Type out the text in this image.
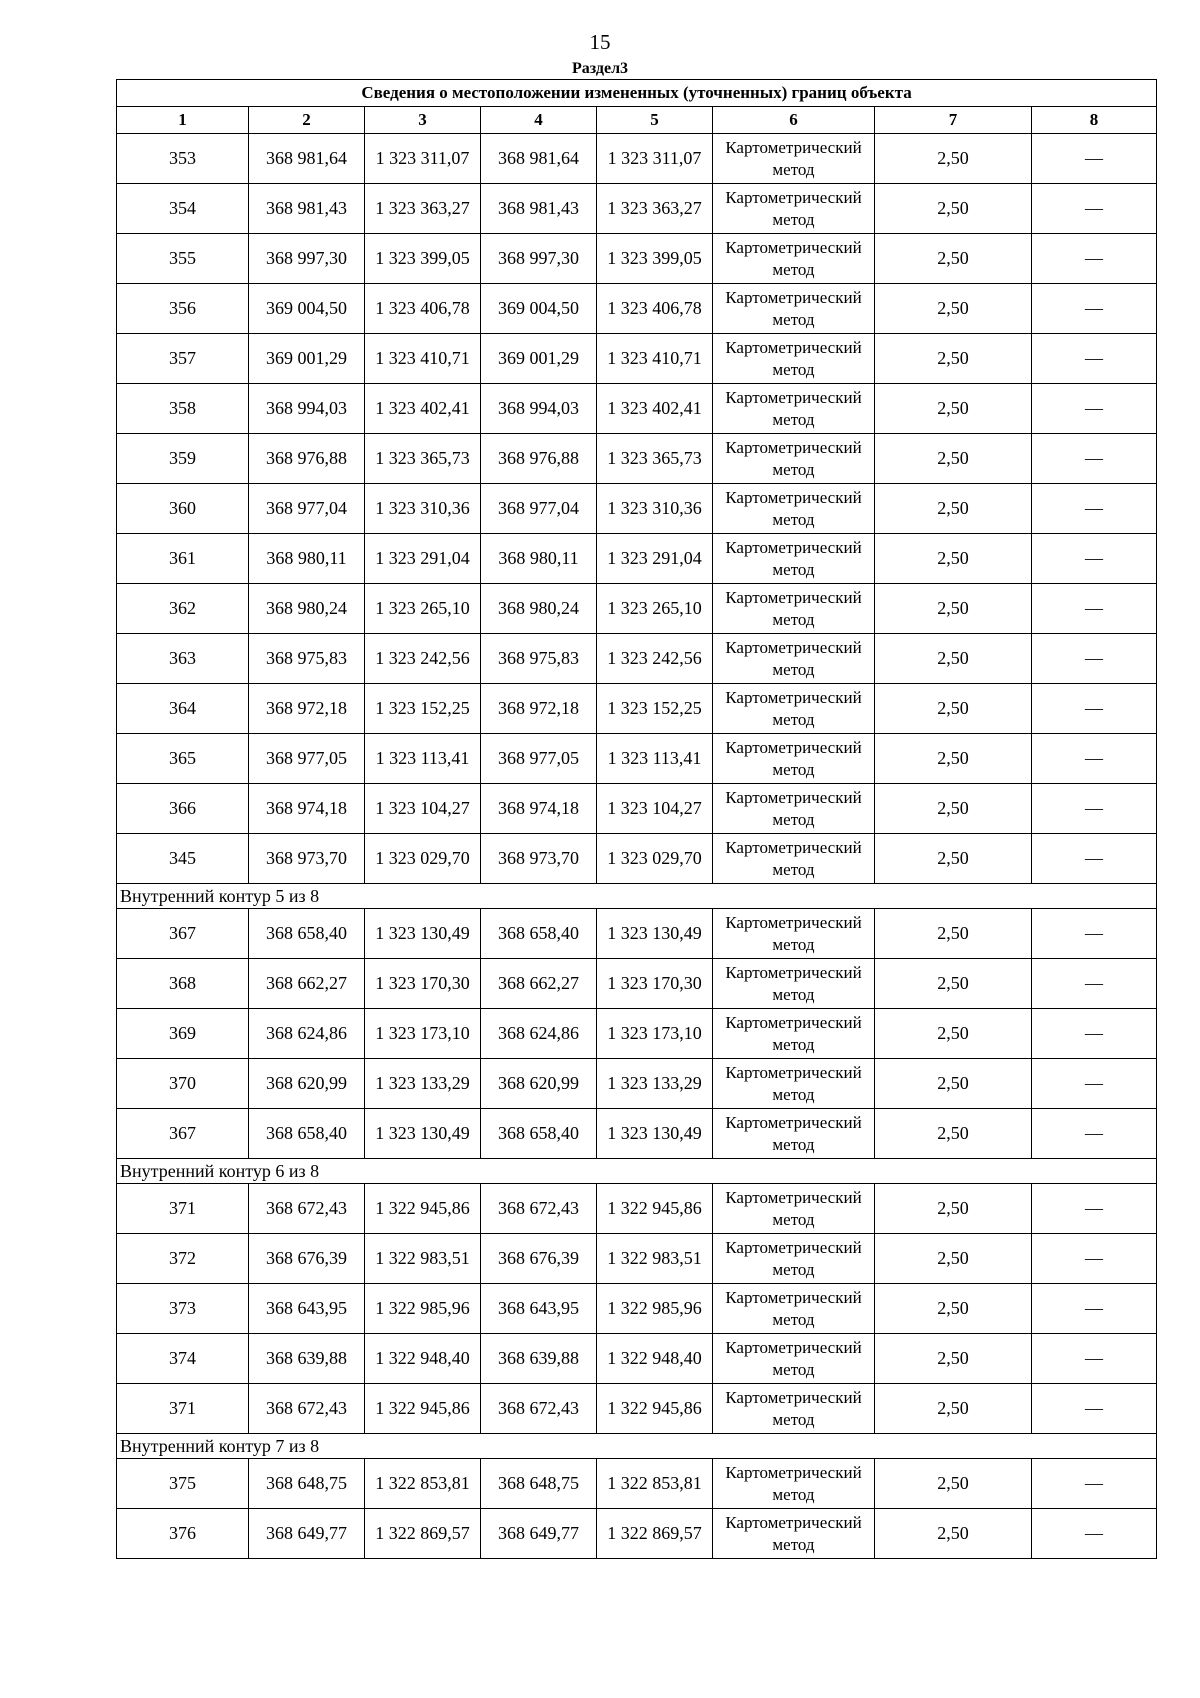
15
Раздел3
Сведения о местоположении измененных (уточненных) границ объекта							
1	2	3	4	5	6	7	8
353	368 981,64	1 323 311,07	368 981,64	1 323 311,07	Картометрический метод	2,50	—
354	368 981,43	1 323 363,27	368 981,43	1 323 363,27	Картометрический метод	2,50	—
355	368 997,30	1 323 399,05	368 997,30	1 323 399,05	Картометрический метод	2,50	—
356	369 004,50	1 323 406,78	369 004,50	1 323 406,78	Картометрический метод	2,50	—
357	369 001,29	1 323 410,71	369 001,29	1 323 410,71	Картометрический метод	2,50	—
358	368 994,03	1 323 402,41	368 994,03	1 323 402,41	Картометрический метод	2,50	—
359	368 976,88	1 323 365,73	368 976,88	1 323 365,73	Картометрический метод	2,50	—
360	368 977,04	1 323 310,36	368 977,04	1 323 310,36	Картометрический метод	2,50	—
361	368 980,11	1 323 291,04	368 980,11	1 323 291,04	Картометрический метод	2,50	—
362	368 980,24	1 323 265,10	368 980,24	1 323 265,10	Картометрический метод	2,50	—
363	368 975,83	1 323 242,56	368 975,83	1 323 242,56	Картометрический метод	2,50	—
364	368 972,18	1 323 152,25	368 972,18	1 323 152,25	Картометрический метод	2,50	—
365	368 977,05	1 323 113,41	368 977,05	1 323 113,41	Картометрический метод	2,50	—
366	368 974,18	1 323 104,27	368 974,18	1 323 104,27	Картометрический метод	2,50	—
345	368 973,70	1 323 029,70	368 973,70	1 323 029,70	Картометрический метод	2,50	—
Внутренний контур 5 из 8							
367	368 658,40	1 323 130,49	368 658,40	1 323 130,49	Картометрический метод	2,50	—
368	368 662,27	1 323 170,30	368 662,27	1 323 170,30	Картометрический метод	2,50	—
369	368 624,86	1 323 173,10	368 624,86	1 323 173,10	Картометрический метод	2,50	—
370	368 620,99	1 323 133,29	368 620,99	1 323 133,29	Картометрический метод	2,50	—
367	368 658,40	1 323 130,49	368 658,40	1 323 130,49	Картометрический метод	2,50	—
Внутренний контур 6 из 8							
371	368 672,43	1 322 945,86	368 672,43	1 322 945,86	Картометрический метод	2,50	—
372	368 676,39	1 322 983,51	368 676,39	1 322 983,51	Картометрический метод	2,50	—
373	368 643,95	1 322 985,96	368 643,95	1 322 985,96	Картометрический метод	2,50	—
374	368 639,88	1 322 948,40	368 639,88	1 322 948,40	Картометрический метод	2,50	—
371	368 672,43	1 322 945,86	368 672,43	1 322 945,86	Картометрический метод	2,50	—
Внутренний контур 7 из 8							
375	368 648,75	1 322 853,81	368 648,75	1 322 853,81	Картометрический метод	2,50	—
376	368 649,77	1 322 869,57	368 649,77	1 322 869,57	Картометрический метод	2,50	—
